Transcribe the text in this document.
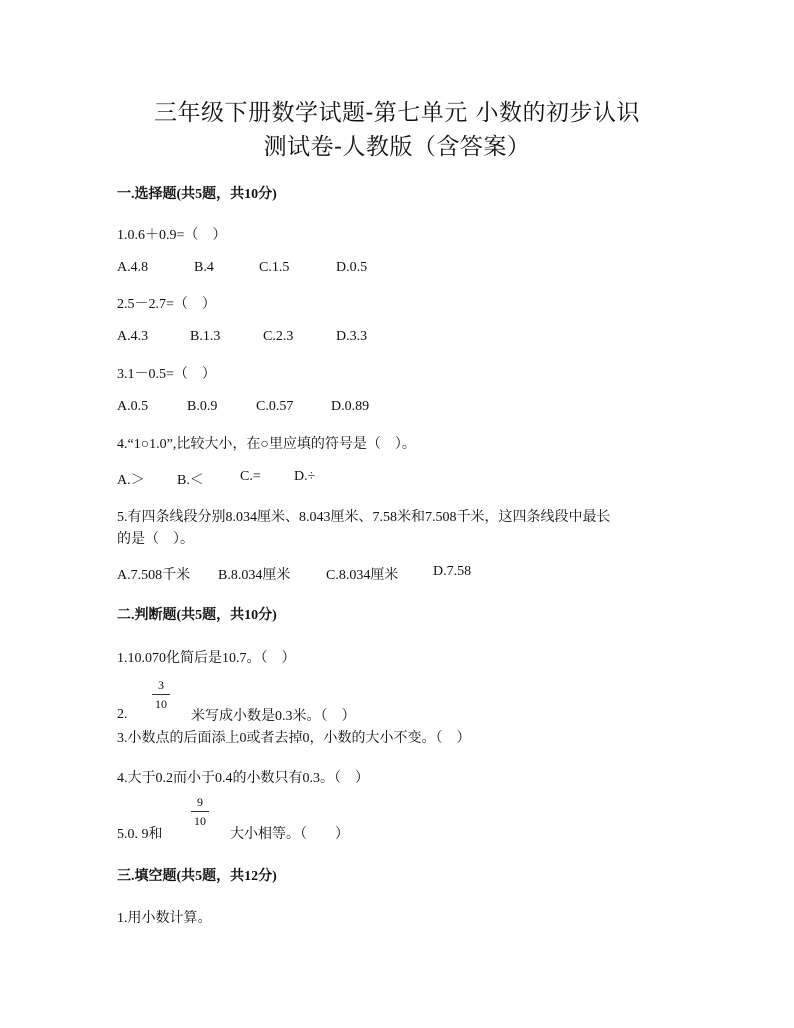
三年级下册数学试题-第七单元 小数的初步认识
测试卷-人教版（含答案）
一.选择题(共5题，共10分)
1.0.6＋0.9=（　）
A.4.8	B.4	C.1.5	D.0.5
2.5－2.7=（　）
A.4.3	B.1.3	C.2.3	D.3.3
3.1－0.5=（　）
A.0.5	B.0.9	C.0.57	D.0.89
4.“1○1.0”,比较大小，在○里应填的符号是（　）。
A.＞ B.＜	C.= D.÷
5.有四条线段分别8.034厘米、8.043厘米、7.58米和7.508千米，这四条线段中最长
的是（　）。
A.7.508千米 B.8.034厘米	C.8.034厘米 D.7.58
二.判断题(共5题，共10分)
1.10.070化简后是10.7。（　）
2.
3
10
米写成小数是0.3米。（　）
3.小数点的后面添上0或者去掉0，小数的大小不变。（　）
4.大于0.2而小于0.4的小数只有0.3。（　）
5.0. 9和
9
10
大小相等。（　　）
三.填空题(共5题，共12分)
1.用小数计算。
